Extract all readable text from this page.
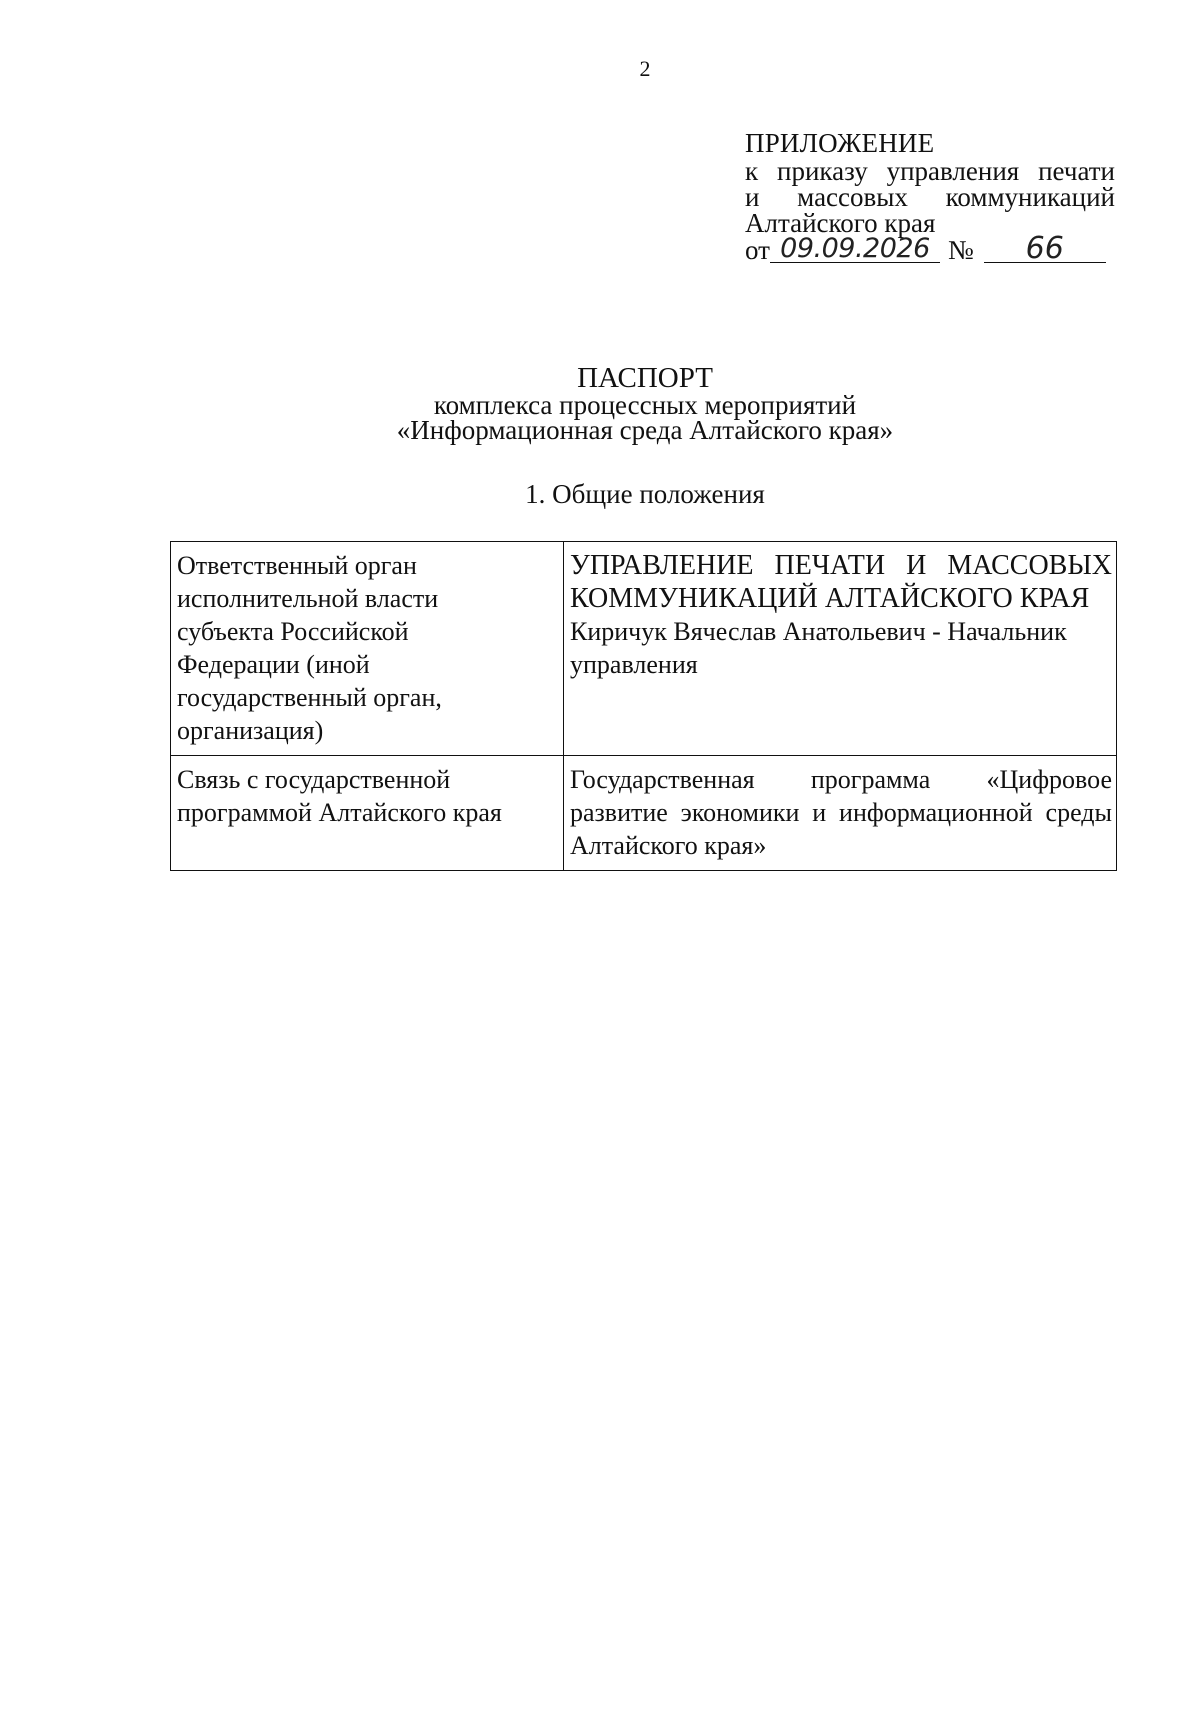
2
ПРИЛОЖЕНИЕ
к приказу управления печати
и массовых коммуникаций
Алтайского края
от 09.09.2026 №	66
ПАСПОРТ
комплекса процессных мероприятий
«Информационная среда Алтайского края»
1. Общие положения
Ответственный орган исполнительной власти субъекта Российской Федерации (иной государственный орган, организация)	УПРАВЛЕНИЕ ПЕЧАТИ И МАССОВЫХ
КОММУНИКАЦИЙ АЛТАЙСКОГО КРАЯ
Киричук Вячеслав Анатольевич - Начальник управления

Связь с государственной программой Алтайского края	Государственная программа «Цифровое развитие экономики и информационной среды Алтайского края»
